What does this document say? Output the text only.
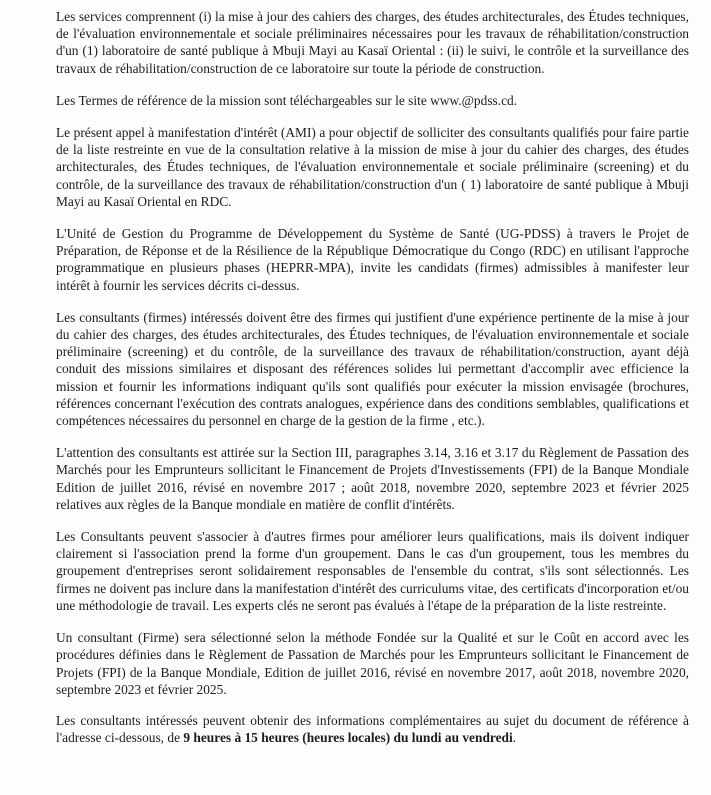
Les services comprennent (i) la mise à jour des cahiers des charges, des études architecturales, des Études techniques, de l'évaluation environnementale et sociale préliminaires nécessaires pour les travaux de réhabilitation/construction d'un (1) laboratoire de santé publique à Mbuji Mayi au Kasaï Oriental : (ii) le suivi, le contrôle et la surveillance des travaux de réhabilitation/construction de ce laboratoire sur toute la période de construction.

Les Termes de référence de la mission sont téléchargeables sur le site www.@pdss.cd.

Le présent appel à manifestation d'intérêt (AMI) a pour objectif de solliciter des consultants qualifiés pour faire partie de la liste restreinte en vue de la consultation relative à la mission de mise à jour du cahier des charges, des études architecturales, des Études techniques, de l'évaluation environnementale et sociale préliminaire (screening) et du contrôle, de la surveillance des travaux de réhabilitation/construction d'un ( 1) laboratoire de santé publique à Mbuji Mayi au Kasaï Oriental en RDC.

L'Unité de Gestion du Programme de Développement du Système de Santé (UG-PDSS) à travers le Projet de Préparation, de Réponse et de la Résilience de la République Démocratique du Congo (RDC) en utilisant l'approche programmatique en plusieurs phases (HEPRR-MPA), invite les candidats (firmes) admissibles à manifester leur intérêt à fournir les services décrits ci-dessus.

Les consultants (firmes) intéressés doivent être des firmes qui justifient d'une expérience pertinente de la mise à jour du cahier des charges, des études architecturales, des Études techniques, de l'évaluation environnementale et sociale préliminaire (screening) et du contrôle, de la surveillance des travaux de réhabilitation/construction, ayant déjà conduit des missions similaires et disposant des références solides lui permettant d'accomplir avec efficience la mission et fournir les informations indiquant qu'ils sont qualifiés pour exécuter la mission envisagée (brochures, références concernant l'exécution des contrats analogues, expérience dans des conditions semblables, qualifications et compétences nécessaires du personnel en charge de la gestion de la firme , etc.).

L'attention des consultants est attirée sur la Section III, paragraphes 3.14, 3.16 et 3.17 du Règlement de Passation des Marchés pour les Emprunteurs sollicitant le Financement de Projets d'Investissements (FPI) de la Banque Mondiale Edition de juillet 2016, révisé en novembre 2017 ; août 2018, novembre 2020, septembre 2023 et février 2025 relatives aux règles de la Banque mondiale en matière de conflit d'intérêts.

Les Consultants peuvent s'associer à d'autres firmes pour améliorer leurs qualifications, mais ils doivent indiquer clairement si l'association prend la forme d'un groupement. Dans le cas d'un groupement, tous les membres du groupement d'entreprises seront solidairement responsables de l'ensemble du contrat, s'ils sont sélectionnés. Les firmes ne doivent pas inclure dans la manifestation d'intérêt des curriculums vitae, des certificats d'incorporation et/ou une méthodologie de travail. Les experts clés ne seront pas évalués à l'étape de la préparation de la liste restreinte.

Un consultant (Firme) sera sélectionné selon la méthode Fondée sur la Qualité et sur le Coût en accord avec les procédures définies dans le Règlement de Passation de Marchés pour les Emprunteurs sollicitant le Financement de Projets (FPI) de la Banque Mondiale, Edition de juillet 2016, révisé en novembre 2017, août 2018, novembre 2020, septembre 2023 et février 2025.

Les consultants intéressés peuvent obtenir des informations complémentaires au sujet du document de référence à l'adresse ci-dessous, de 9 heures à 15 heures (heures locales) du lundi au vendredi.
